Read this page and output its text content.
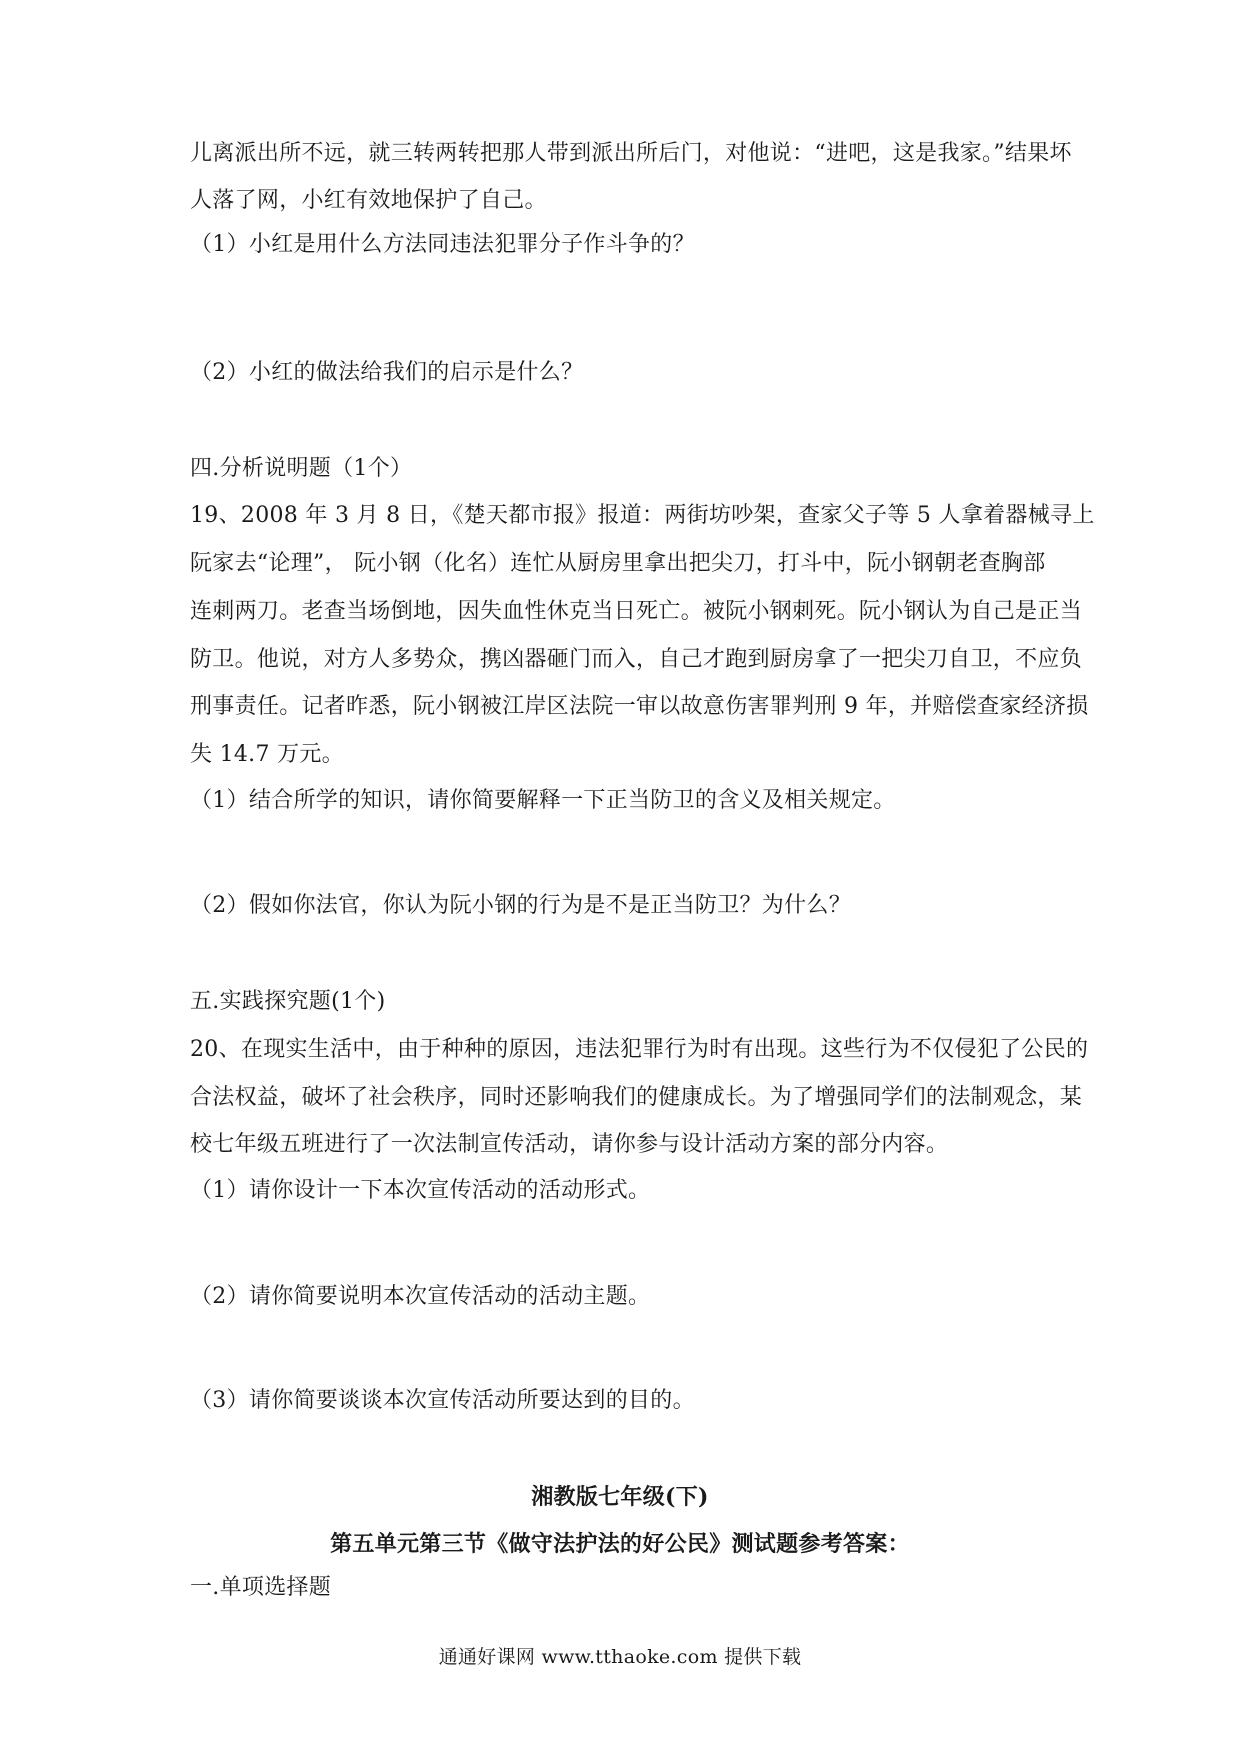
儿离派出所不远，就三转两转把那人带到派出所后门，对他说：“进吧，这是我家。”结果坏
人落了网，小红有效地保护了自己。
（1）小红是用什么方法同违法犯罪分子作斗争的？
（2）小红的做法给我们的启示是什么？
四.分析说明题（1个）
19、2008 年 3 月 8 日，《楚天都市报》报道：两街坊吵架，查家父子等 5 人拿着器械寻上
阮家去“论理”， 阮小钢（化名）连忙从厨房里拿出把尖刀，打斗中，阮小钢朝老查胸部
连刺两刀。老查当场倒地，因失血性休克当日死亡。被阮小钢刺死。阮小钢认为自己是正当
防卫。他说，对方人多势众，携凶器砸门而入，自己才跑到厨房拿了一把尖刀自卫，不应负
刑事责任。记者昨悉，阮小钢被江岸区法院一审以故意伤害罪判刑 9 年，并赔偿查家经济损
失 14.7 万元。
（1）结合所学的知识，请你简要解释一下正当防卫的含义及相关规定。
（2）假如你法官，你认为阮小钢的行为是不是正当防卫？为什么？
五.实践探究题(1个)
20、在现实生活中，由于种种的原因，违法犯罪行为时有出现。这些行为不仅侵犯了公民的
合法权益，破坏了社会秩序，同时还影响我们的健康成长。为了增强同学们的法制观念，某
校七年级五班进行了一次法制宣传活动，请你参与设计活动方案的部分内容。
（1）请你设计一下本次宣传活动的活动形式。
（2）请你简要说明本次宣传活动的活动主题。
（3）请你简要谈谈本次宣传活动所要达到的目的。
湘教版七年级(下)
第五单元第三节《做守法护法的好公民》测试题参考答案：
一.单项选择题
通通好课网 www.tthaoke.com 提供下载
